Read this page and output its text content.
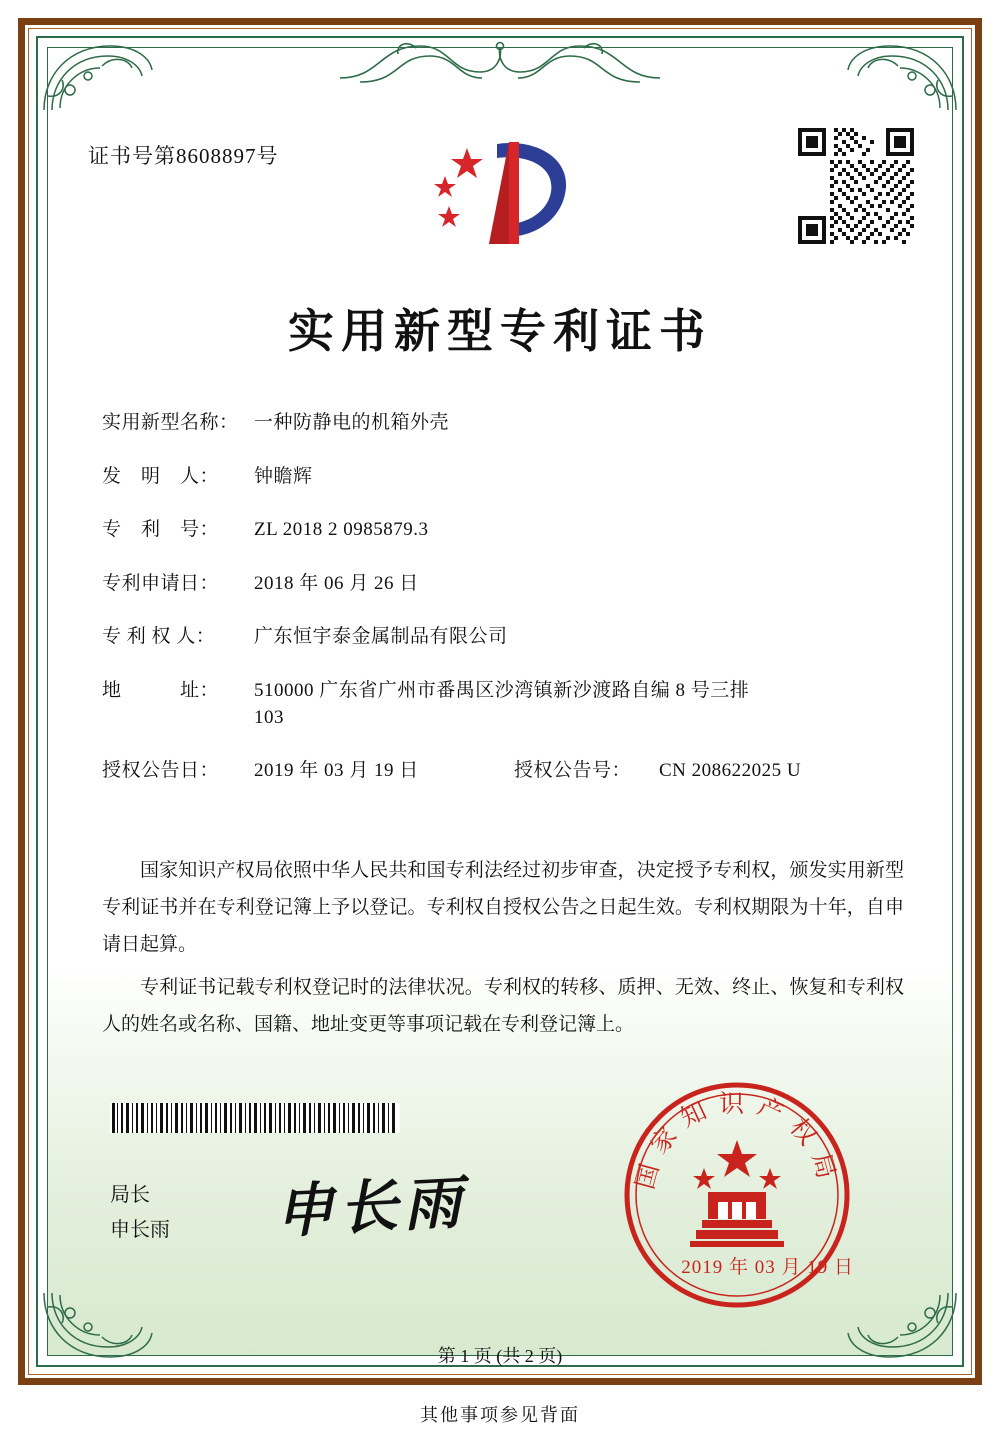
证书号第8608897号
实用新型专利证书
实用新型名称： 一种防静电的机箱外壳
发　明　人：	钟瞻辉
专　利　号：	ZL 2018 2 0985879.3
专利申请日：	2018 年 06 月 26 日
专 利 权 人：	广东恒宇泰金属制品有限公司
地　　　址：	510000 广东省广州市番禺区沙湾镇新沙渡路自编 8 号三排
103
授权公告日：	2019 年 03 月 19 日	授权公告号：	CN 208622025 U

国家知识产权局依照中华人民共和国专利法经过初步审查，决定授予专利权，颁发实用新型专利证书并在专利登记簿上予以登记。专利权自授权公告之日起生效。专利权期限为十年，自申请日起算。

专利证书记载专利权登记时的法律状况。专利权的转移、质押、无效、终止、恢复和专利权人的姓名或名称、国籍、地址变更等事项记载在专利登记簿上。

局长
申长雨 申长雨	国家知识产权局
2019 年 03 月 19 日
第 1 页 (共 2 页)
其他事项参见背面
